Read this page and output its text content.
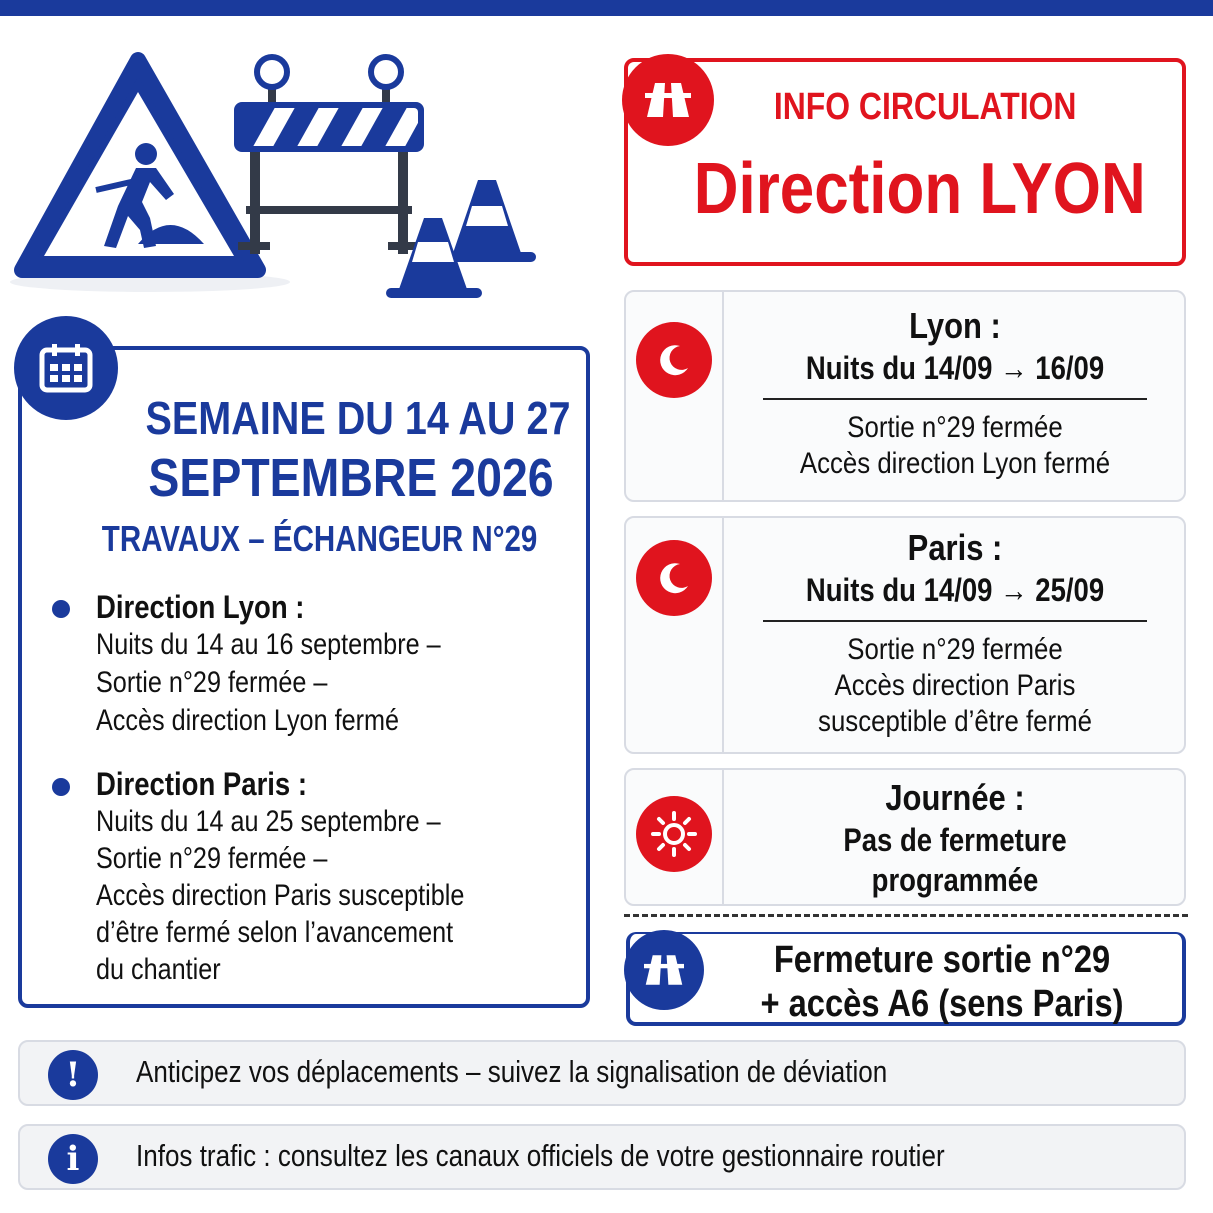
SEMAINE DU 14 AU 27
SEPTEMBRE 2026
TRAVAUX – ÉCHANGEUR N°29
Direction Lyon :
Nuits du 14 au 16 septembre –
Sortie n°29 fermée –
Accès direction Lyon fermé
Direction Paris :
Nuits du 14 au 25 septembre –
Sortie n°29 fermée –
Accès direction Paris susceptible
d’être fermé selon l’avancement
du chantier
INFO CIRCULATION
Direction LYON
Lyon :
Nuits du 14/09 → 16/09
Sortie n°29 fermée
Accès direction Lyon fermé
Paris :
Nuits du 14/09 → 25/09
Sortie n°29 fermée
Accès direction Paris
susceptible d’être fermé
Journée :
Pas de fermeture
programmée
Fermeture sortie n°29
+ accès A6 (sens Paris)
!	Anticipez vos déplacements – suivez la signalisation de déviation
i	Infos trafic : consultez les canaux officiels de votre gestionnaire routier
